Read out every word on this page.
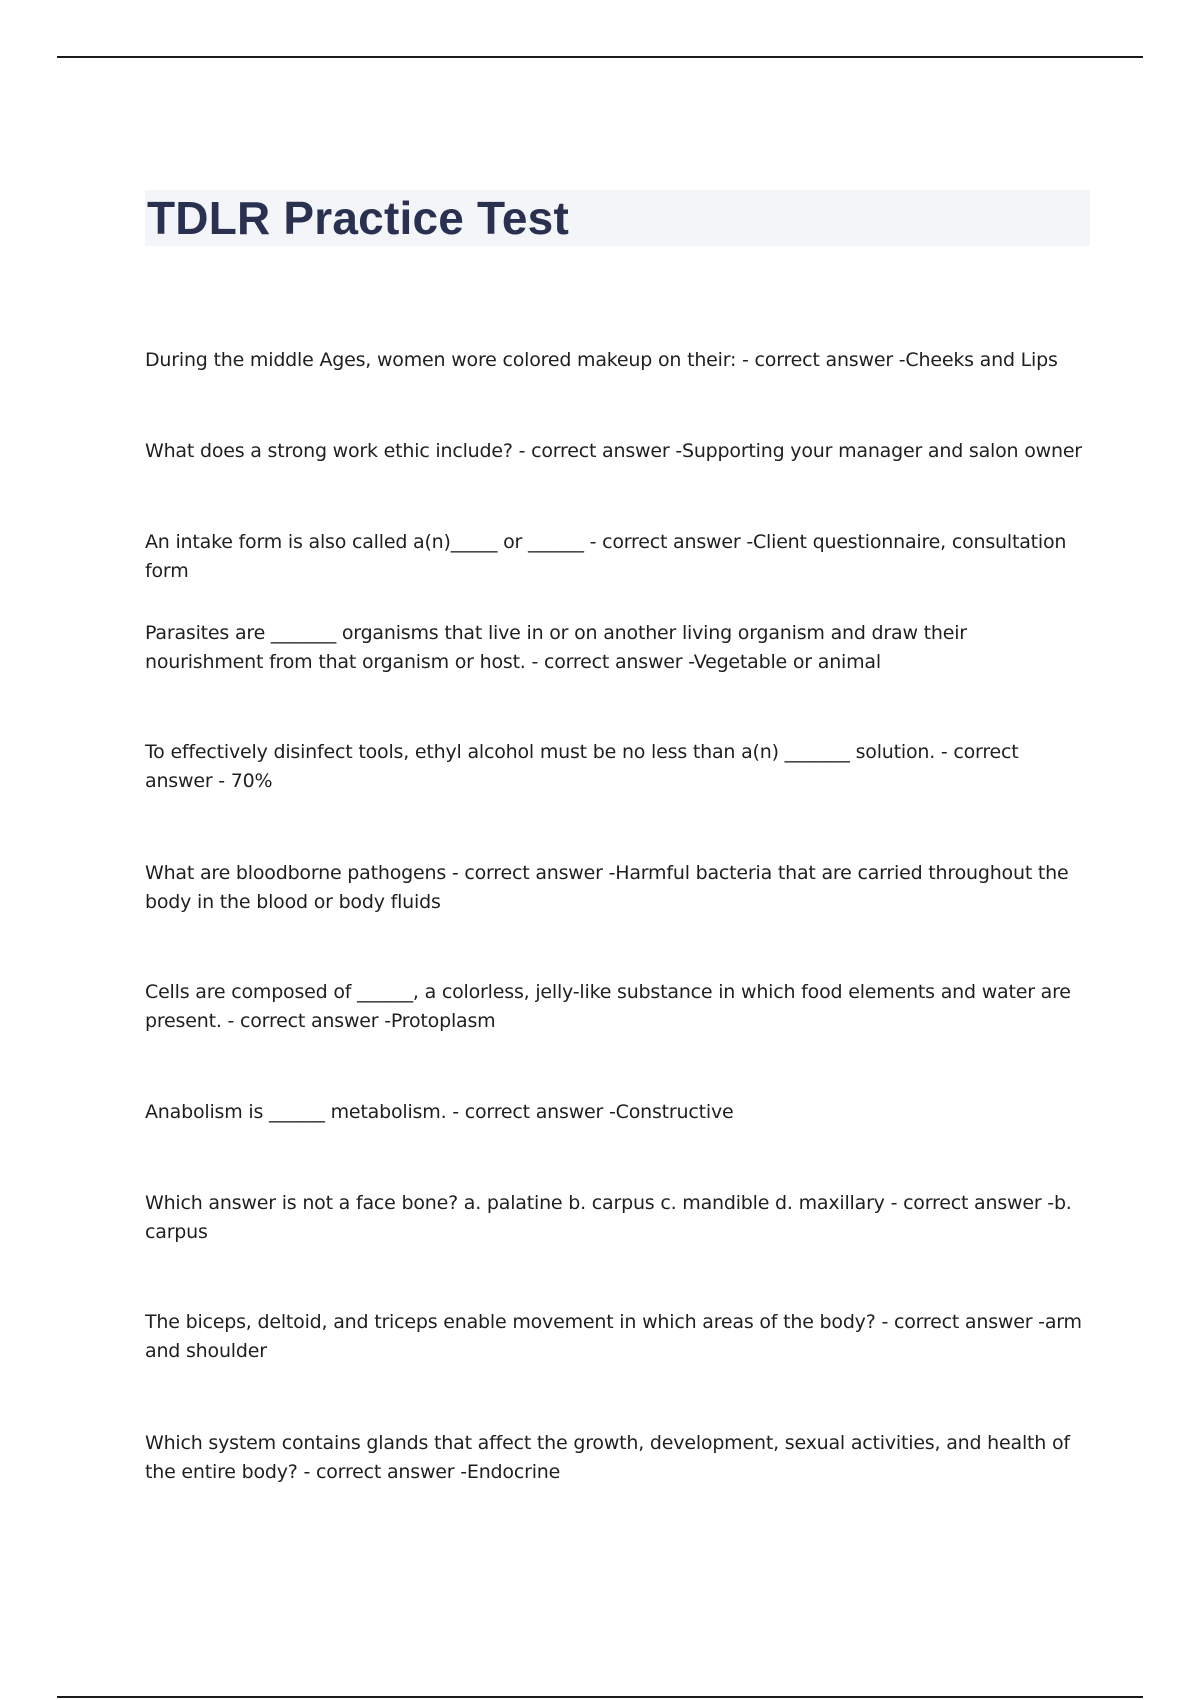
TDLR Practice Test
During the middle Ages, women wore colored makeup on their: - correct answer -Cheeks and Lips
What does a strong work ethic include? - correct answer -Supporting your manager and salon owner
An intake form is also called a(n)_____ or ______ - correct answer -Client questionnaire, consultation form
Parasites are _______ organisms that live in or on another living organism and draw their nourishment from that organism or host. - correct answer -Vegetable or animal
To effectively disinfect tools, ethyl alcohol must be no less than a(n) _______ solution. - correct answer - 70%
What are bloodborne pathogens - correct answer -Harmful bacteria that are carried throughout the body in the blood or body fluids
Cells are composed of ______, a colorless, jelly-like substance in which food elements and water are present. - correct answer -Protoplasm
Anabolism is ______ metabolism. - correct answer -Constructive
Which answer is not a face bone? a. palatine b. carpus c. mandible d. maxillary - correct answer -b. carpus
The biceps, deltoid, and triceps enable movement in which areas of the body? - correct answer -arm and shoulder
Which system contains glands that affect the growth, development, sexual activities, and health of the entire body? - correct answer -Endocrine
